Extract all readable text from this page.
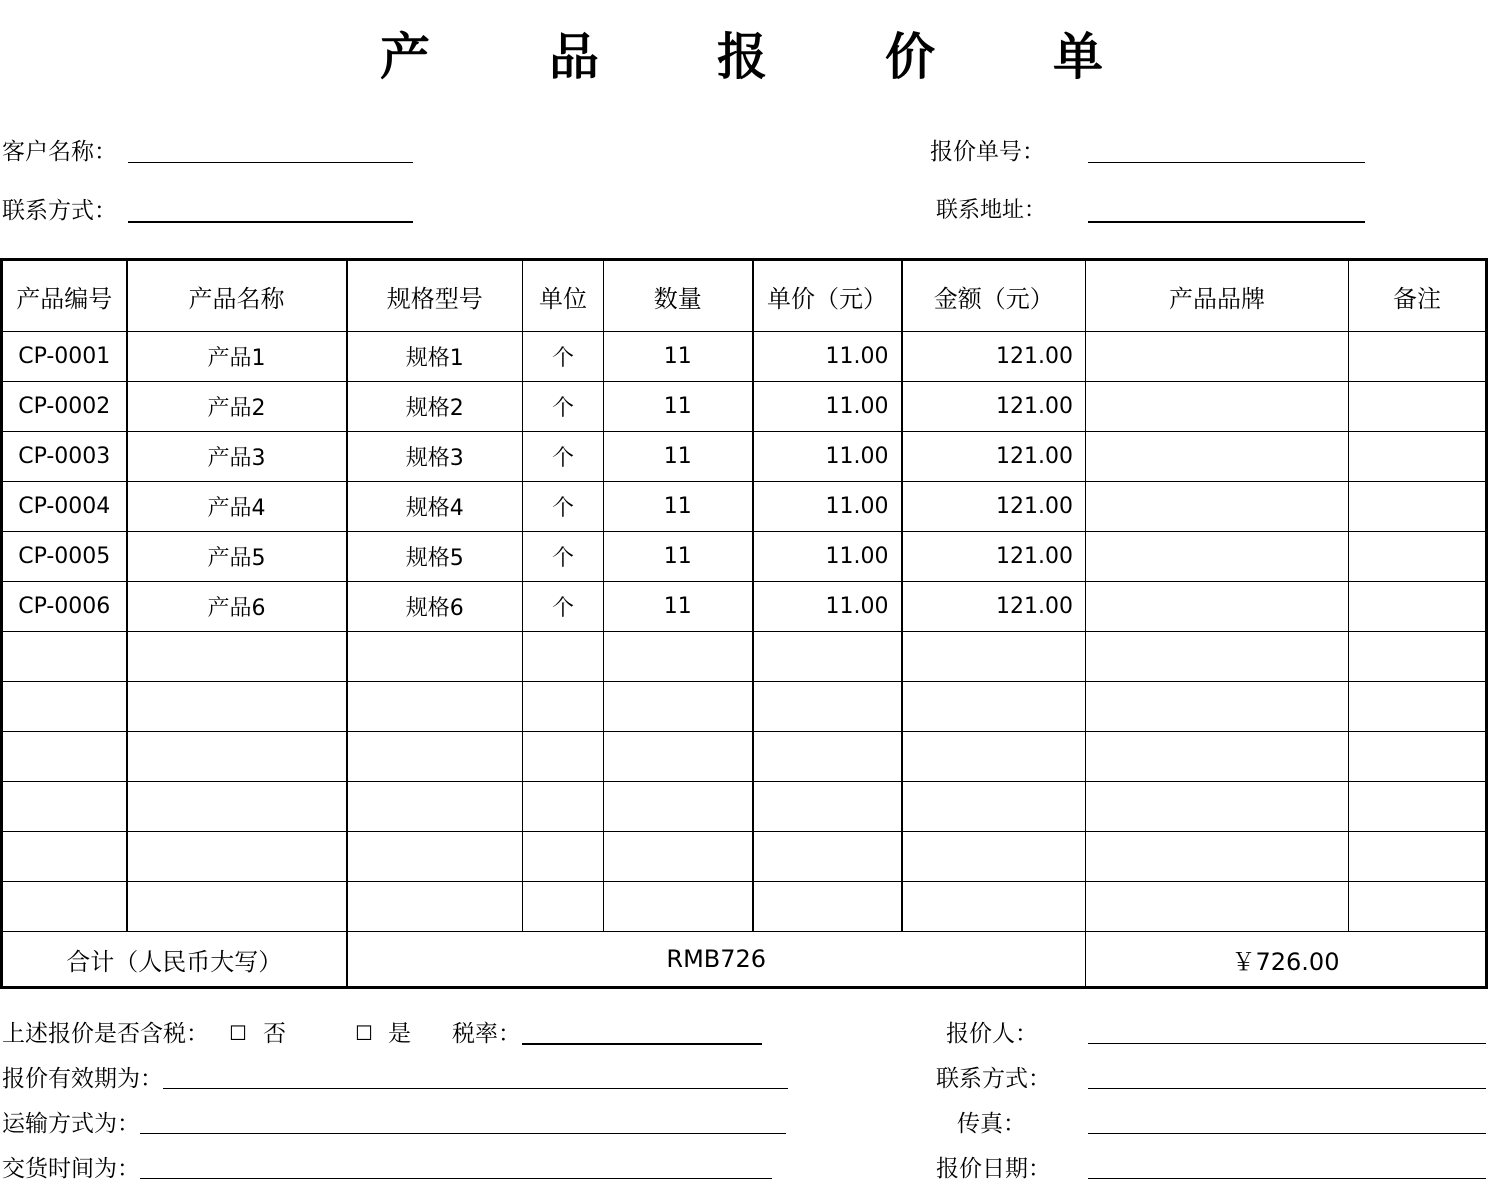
产 品 报 价 单
客户名称：	报价单号：
联系方式：	联系地址：
产品编号	产品名称	规格型号	单位	数量	单价（元）	金额（元）	产品品牌	备注
CP-0001	产品1	规格1	个	11	11.00	121.00		
CP-0002	产品2	规格2	个	11	11.00	121.00		
CP-0003	产品3	规格3	个	11	11.00	121.00		
CP-0004	产品4	规格4	个	11	11.00	121.00		
CP-0005	产品5	规格5	个	11	11.00	121.00		
CP-0006	产品6	规格6	个	11	11.00	121.00		

合计（人民币大写）		RMB726					￥726.00	
上述报价是否含税： ☐ 否	☐ 是 税率：	报价人：
报价有效期为：	联系方式：
运输方式为：	传真：
交货时间为：	报价日期：
